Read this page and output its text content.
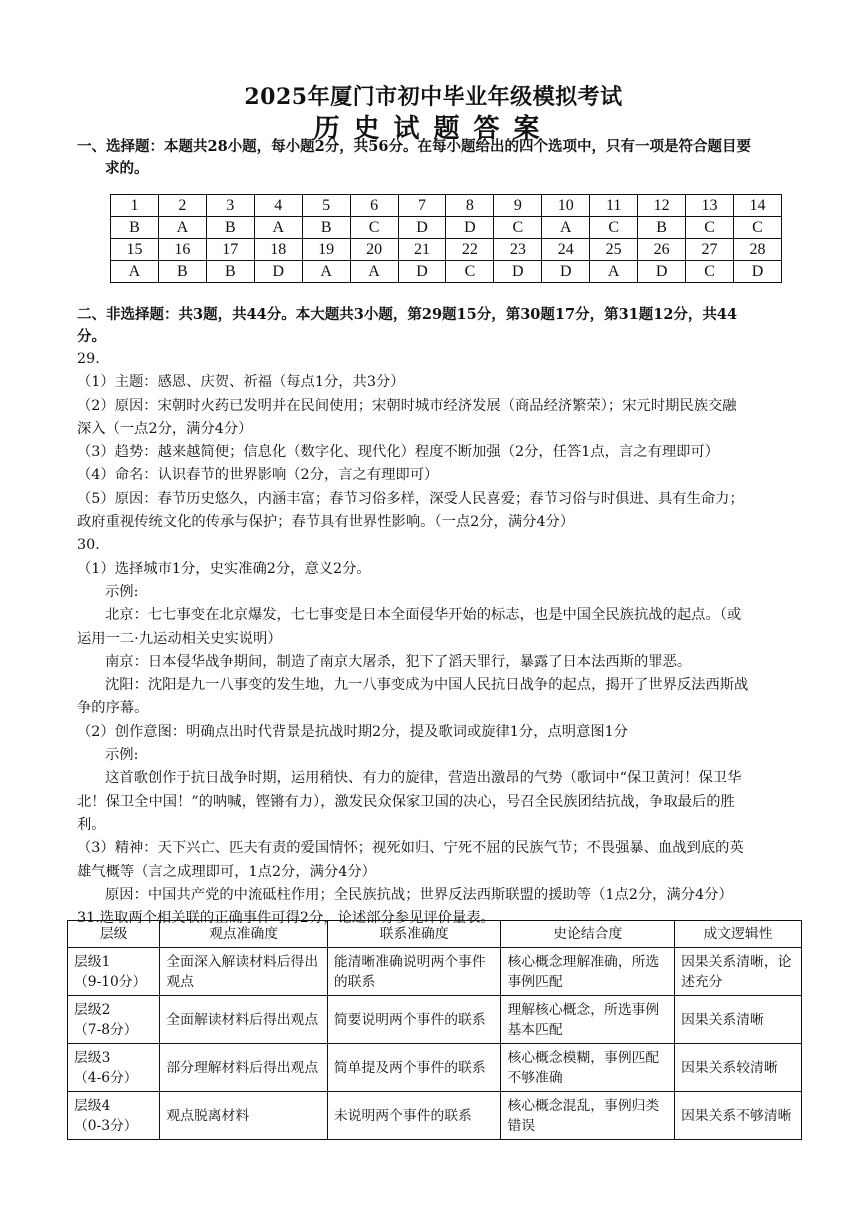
2025年厦门市初中毕业年级模拟考试
历史试题答案
一、选择题：本题共28小题，每小题2分，共56分。在每小题给出的四个选项中，只有一项是符合题目要
求的。
1	2	3	4	5	6	7	8	9	10	11	12	13	14
B	A	B	A	B	C	D	D	C	A	C	B	C	C
15	16	17	18	19	20	21	22	23	24	25	26	27	28
A	B	B	D	A	A	D	C	D	D	A	D	C	D
二、非选择题：共3题，共44分。本大题共3小题，第29题15分，第30题17分，第31题12分，共44
分。

29.

（1）主题：感恩、庆贺、祈福（每点1分，共3分）

（2）原因：宋朝时火药已发明并在民间使用；宋朝时城市经济发展（商品经济繁荣）；宋元时期民族交融

深入（一点2分，满分4分）

（3）趋势：越来越简便；信息化（数字化、现代化）程度不断加强（2分，任答1点，言之有理即可）

（4）命名：认识春节的世界影响（2分，言之有理即可）

（5）原因：春节历史悠久，内涵丰富；春节习俗多样，深受人民喜爱；春节习俗与时俱进、具有生命力；

政府重视传统文化的传承与保护；春节具有世界性影响。（一点2分，满分4分）

30.

（1）选择城市1分，史实准确2分，意义2分。

示例:

北京：七七事变在北京爆发，七七事变是日本全面侵华开始的标志，也是中国全民族抗战的起点。（或

运用一二·九运动相关史实说明）

南京：日本侵华战争期间，制造了南京大屠杀，犯下了滔天罪行，暴露了日本法西斯的罪恶。

沈阳：沈阳是九一八事变的发生地，九一八事变成为中国人民抗日战争的起点，揭开了世界反法西斯战

争的序幕。

（2）创作意图：明确点出时代背景是抗战时期2分，提及歌词或旋律1分，点明意图1分

示例:

这首歌创作于抗日战争时期，运用稍快、有力的旋律，营造出激昂的气势（歌词中“保卫黄河！保卫华

北！保卫全中国！”的呐喊，铿锵有力），激发民众保家卫国的决心，号召全民族团结抗战，争取最后的胜

利。

（3）精神：天下兴亡、匹夫有责的爱国情怀；视死如归、宁死不屈的民族气节；不畏强暴、血战到底的英

雄气概等（言之成理即可，1点2分，满分4分）

原因：中国共产党的中流砥柱作用；全民族抗战；世界反法西斯联盟的援助等（1点2分，满分4分）

31.选取两个相关联的正确事件可得2分，论述部分参见评价量表。

层级	观点准确度	联系准确度	史论结合度	成文逻辑性
层级1
（9-10分）	全面深入解读材料后得出观点	能清晰准确说明两个事件的联系	核心概念理解准确，所选事例匹配	因果关系清晰，论述充分
层级2
（7-8分）	全面解读材料后得出观点	简要说明两个事件的联系	理解核心概念，所选事例基本匹配	因果关系清晰
层级3
（4-6分）	部分理解材料后得出观点	简单提及两个事件的联系	核心概念模糊，事例匹配不够准确	因果关系较清晰
层级4
（0-3分）	观点脱离材料	未说明两个事件的联系	核心概念混乱，事例归类错误	因果关系不够清晰
